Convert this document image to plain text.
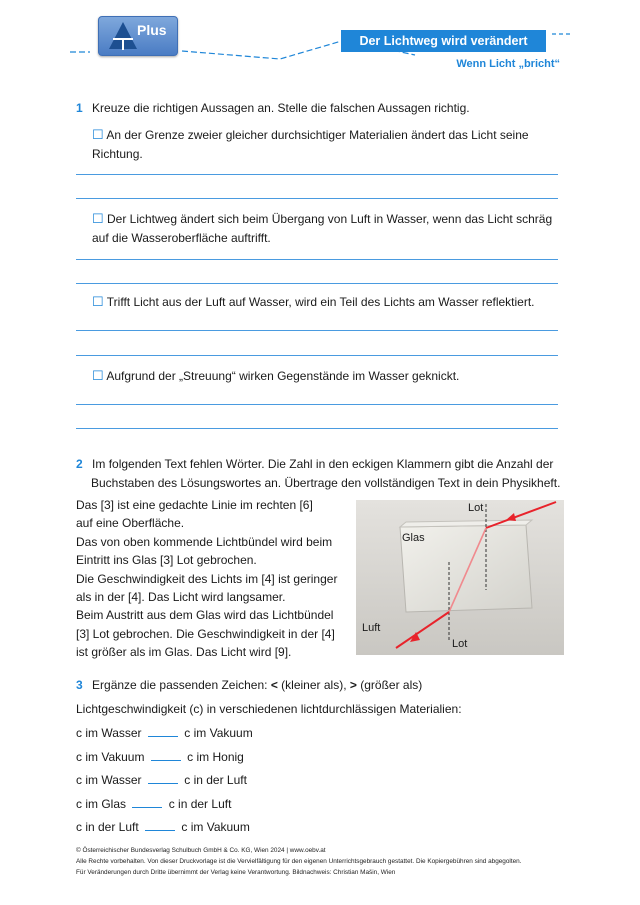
Plus
Der Lichtweg wird verändert
Wenn Licht „bricht“
1 Kreuze die richtigen Aussagen an. Stelle die falschen Aussagen richtig.
☐ An der Grenze zweier gleicher durchsichtiger Materialien ändert das Licht seine
Richtung.
☐ Der Lichtweg ändert sich beim Übergang von Luft in Wasser, wenn das Licht schräg
auf die Wasseroberfläche auftrifft.
☐ Trifft Licht aus der Luft auf Wasser, wird ein Teil des Lichts am Wasser reflektiert.
☐ Aufgrund der „Streuung“ wirken Gegenstände im Wasser geknickt.
2 Im folgenden Text fehlen Wörter. Die Zahl in den eckigen Klammern gibt die Anzahl der
Buchstaben des Lösungswortes an. Übertrage den vollständigen Text in dein Physikheft.
Das [3] ist eine gedachte Linie im rechten [6]
auf eine Oberfläche.
Das von oben kommende Lichtbündel wird beim
Eintritt ins Glas [3] Lot gebrochen.
Die Geschwindigkeit des Lichts im [4] ist geringer
als in der [4]. Das Licht wird langsamer.
Beim Austritt aus dem Glas wird das Lichtbündel
[3] Lot gebrochen. Die Geschwindigkeit in der [4]
ist größer als im Glas. Das Licht wird [9].
Lot
Glas
Luft
Lot
3 Ergänze die passenden Zeichen: < (kleiner als), > (größer als)
Lichtgeschwindigkeit (c) in verschiedenen lichtdurchlässigen Materialien:
c im Wasser	c im Vakuum
c im Vakuum	c im Honig
c im Wasser	c in der Luft
c im Glas	c in der Luft
c in der Luft	c im Vakuum
© Österreichischer Bundesverlag Schulbuch GmbH & Co. KG, Wien 2024 | www.oebv.at
Alle Rechte vorbehalten. Von dieser Druckvorlage ist die Vervielfältigung für den eigenen Unterrichtsgebrauch gestattet. Die Kopiergebühren sind abgegolten.
Für Veränderungen durch Dritte übernimmt der Verlag keine Verantwortung. Bildnachweis: Christian Mašin, Wien
